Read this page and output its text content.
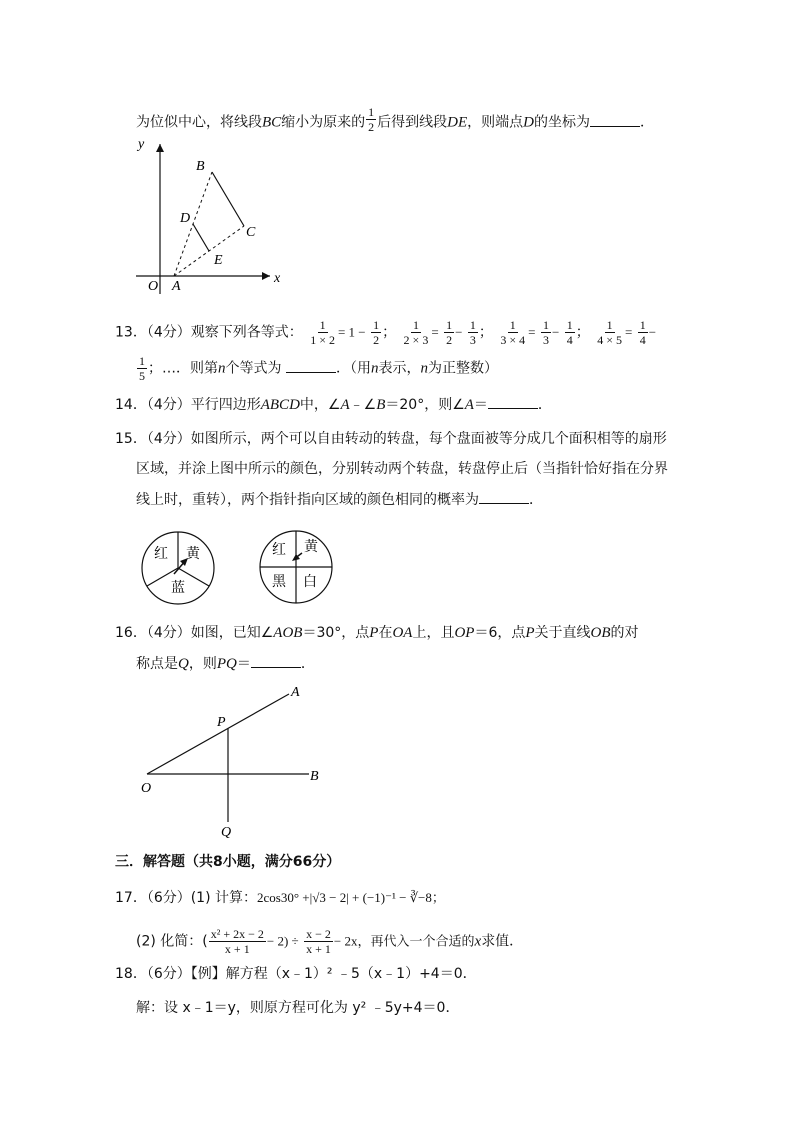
为位似中心，将线段BC缩小为原来的 $\frac{1}{2}$ 后得到线段DE，则端点D的坐标为	．
y
x
O A
B
C
D
E
13．（4分）观察下列各等式： $\frac{1}{1 \times 2} = 1 - \frac{1}{2}$ ； $\frac{1}{2 \times 3} = \frac{1}{2} - \frac{1}{3}$ ； $\frac{1}{3 \times 4} = \frac{1}{3} - \frac{1}{4}$ ； $\frac{1}{4 \times 5} = \frac{1}{4}$ −
$\frac{1}{5}$ ；…．则第n个等式为	．（用n表示，n为正整数）
14．（4分）平行四边形ABCD中，∠A﹣∠B＝20°，则∠A＝	．
15．（4分）如图所示，两个可以自由转动的转盘，每个盘面被等分成几个面积相等的扇形
区域，并涂上图中所示的颜色，分别转动两个转盘，转盘停止后（当指针恰好指在分界
线上时，重转），两个指针指向区域的颜色相同的概率为	．
红 黄
蓝
红 黄
黑 白
16．（4分）如图，已知∠AOB＝30°，点P在OA上，且OP＝6，点P关于直线OB的对
称点是Q，则PQ＝	．
A
P
O
B
Q
三．解答题（共8小题，满分66分）
17．（6分）(1) 计算：2cos30° +|√3 − 2| + (−1)⁻¹ − ∛−8；
(2) 化简：( $\frac{\text{x² + 2x − 2}}{x + 1} - 2) \div \frac{x - 2}{x + 1} - 2x$，再代入一个合适的x求值．
18．（6分）【例】解方程（x﹣1）² ﹣5（x﹣1）+4＝0．
解：设 x﹣1＝y，则原方程可化为 y² ﹣5y+4＝0．
